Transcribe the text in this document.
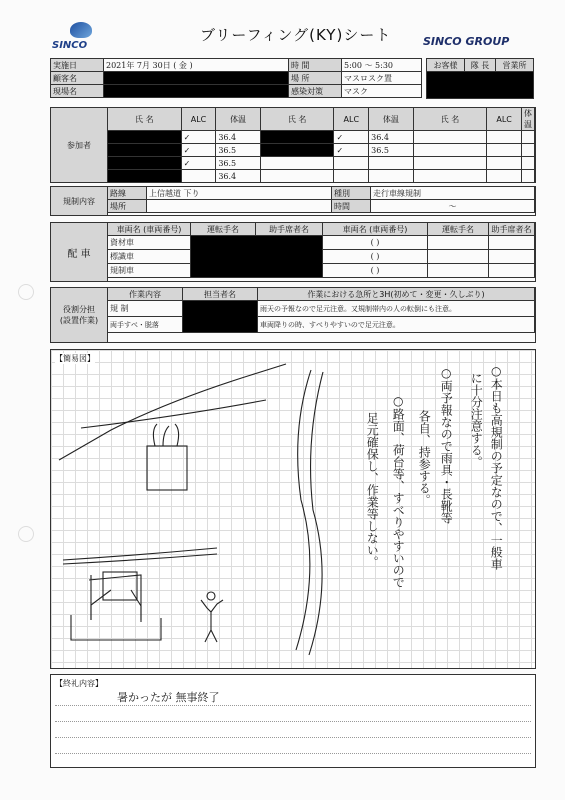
SINCO
ブリーフィング(KY)シート	SINCO GROUP
実施日	2021年 7月 30日 ( 金 )	時 間	5:00 〜 5:30
顧客名		場 所	マスロスク置
現場名		感染対策	マスク
お客様	隊 長	営業所

参加者
氏 名	ALC	体温	氏 名	ALC	体温	氏 名	ALC	体温
	✓	36.4		✓	36.4			
	✓	36.5		✓	36.5			
	✓	36.5						
		36.4						
規制内容
路線	上信越道 下り	種別	走行車線規制
場所		時間	〜
配 車
車両名 (車両番号)	運転手名	助手席者名	車両名 (車両番号)	運転手名	助手席者名
資材車			( )		
標識車			( )		
規制車			( )		
役割分担
(設置作業)
作業内容	担当者名	作業における急所と3H(初めて・変更・久しぶり)
規 制		雨天の予報なので足元注意。又規制帯内の人の転倒にも注意。
両手すべ・脱落		車両降りの時、すべりやすいので足元注意。
【簡易図】
○本日も高規制の予定なので、一般車
に十分注意する。
○両予報なので雨具・長靴等
各自、持参する。
○路面、荷台等、すべりやすいので
足元確保し、作業等しない。
【終礼内容】
暑かったが 無事終了
